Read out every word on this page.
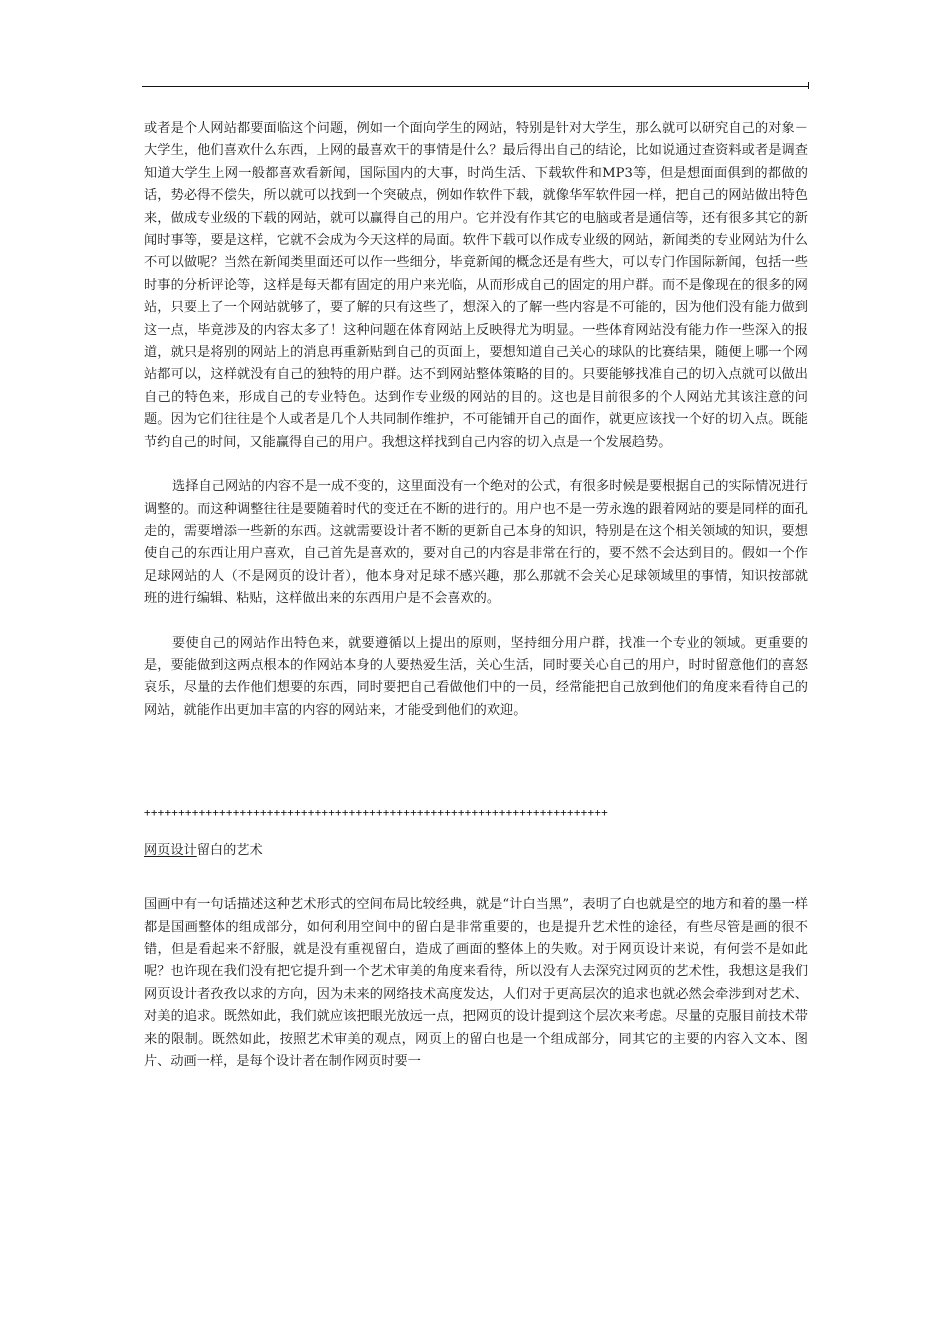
或者是个人网站都要面临这个问题，例如一个面向学生的网站，特别是针对大学生，那么就可以研究自己的对象－大学生，他们喜欢什么东西，上网的最喜欢干的事情是什么？最后得出自己的结论，比如说通过查资料或者是调查知道大学生上网一般都喜欢看新闻，国际国内的大事，时尚生活、下载软件和MP3等，但是想面面俱到的都做的话，势必得不偿失，所以就可以找到一个突破点，例如作软件下载，就像华军软件园一样，把自己的网站做出特色来，做成专业级的下载的网站，就可以赢得自己的用户。它并没有作其它的电脑或者是通信等，还有很多其它的新闻时事等，要是这样，它就不会成为今天这样的局面。软件下载可以作成专业级的网站，新闻类的专业网站为什么不可以做呢？当然在新闻类里面还可以作一些细分，毕竟新闻的概念还是有些大，可以专门作国际新闻，包括一些时事的分析评论等，这样是每天都有固定的用户来光临，从而形成自己的固定的用户群。而不是像现在的很多的网站，只要上了一个网站就够了，要了解的只有这些了，想深入的了解一些内容是不可能的，因为他们没有能力做到这一点，毕竟涉及的内容太多了！这种问题在体育网站上反映得尤为明显。一些体育网站没有能力作一些深入的报道，就只是将别的网站上的消息再重新贴到自己的页面上，要想知道自己关心的球队的比赛结果，随便上哪一个网站都可以，这样就没有自己的独特的用户群。达不到网站整体策略的目的。只要能够找准自己的切入点就可以做出自己的特色来，形成自己的专业特色。达到作专业级的网站的目的。这也是目前很多的个人网站尤其该注意的问题。因为它们往往是个人或者是几个人共同制作维护，不可能铺开自己的面作，就更应该找一个好的切入点。既能节约自己的时间，又能赢得自己的用户。我想这样找到自己内容的切入点是一个发展趋势。

选择自己网站的内容不是一成不变的，这里面没有一个绝对的公式，有很多时候是要根据自己的实际情况进行调整的。而这种调整往往是要随着时代的变迁在不断的进行的。用户也不是一劳永逸的跟着网站的要是同样的面孔走的，需要增添一些新的东西。这就需要设计者不断的更新自己本身的知识，特别是在这个相关领域的知识，要想使自己的东西让用户喜欢，自己首先是喜欢的，要对自己的内容是非常在行的，要不然不会达到目的。假如一个作足球网站的人（不是网页的设计者），他本身对足球不感兴趣，那么那就不会关心足球领域里的事情，知识按部就班的进行编辑、粘贴，这样做出来的东西用户是不会喜欢的。

要使自己的网站作出特色来，就要遵循以上提出的原则，坚持细分用户群，找准一个专业的领域。更重要的是，要能做到这两点根本的作网站本身的人要热爱生活，关心生活，同时要关心自己的用户，时时留意他们的喜怒哀乐，尽量的去作他们想要的东西，同时要把自己看做他们中的一员，经常能把自己放到他们的角度来看待自己的网站，就能作出更加丰富的内容的网站来，才能受到他们的欢迎。

++++++++++++++++++++++++++++++++++++++++++++++++++++++++++++++++++++

网页设计留白的艺术

国画中有一句话描述这种艺术形式的空间布局比较经典，就是“计白当黑”，表明了白也就是空的地方和着的墨一样都是国画整体的组成部分，如何利用空间中的留白是非常重要的，也是提升艺术性的途径，有些尽管是画的很不错，但是看起来不舒服，就是没有重视留白，造成了画面的整体上的失败。对于网页设计来说，有何尝不是如此呢？也许现在我们没有把它提升到一个艺术审美的角度来看待，所以没有人去深究过网页的艺术性，我想这是我们网页设计者孜孜以求的方向，因为未来的网络技术高度发达，人们对于更高层次的追求也就必然会牵涉到对艺术、对美的追求。既然如此，我们就应该把眼光放远一点，把网页的设计提到这个层次来考虑。尽量的克服目前技术带来的限制。既然如此，按照艺术审美的观点，网页上的留白也是一个组成部分，同其它的主要的内容入文本、图片、动画一样，是每个设计者在制作网页时要一
